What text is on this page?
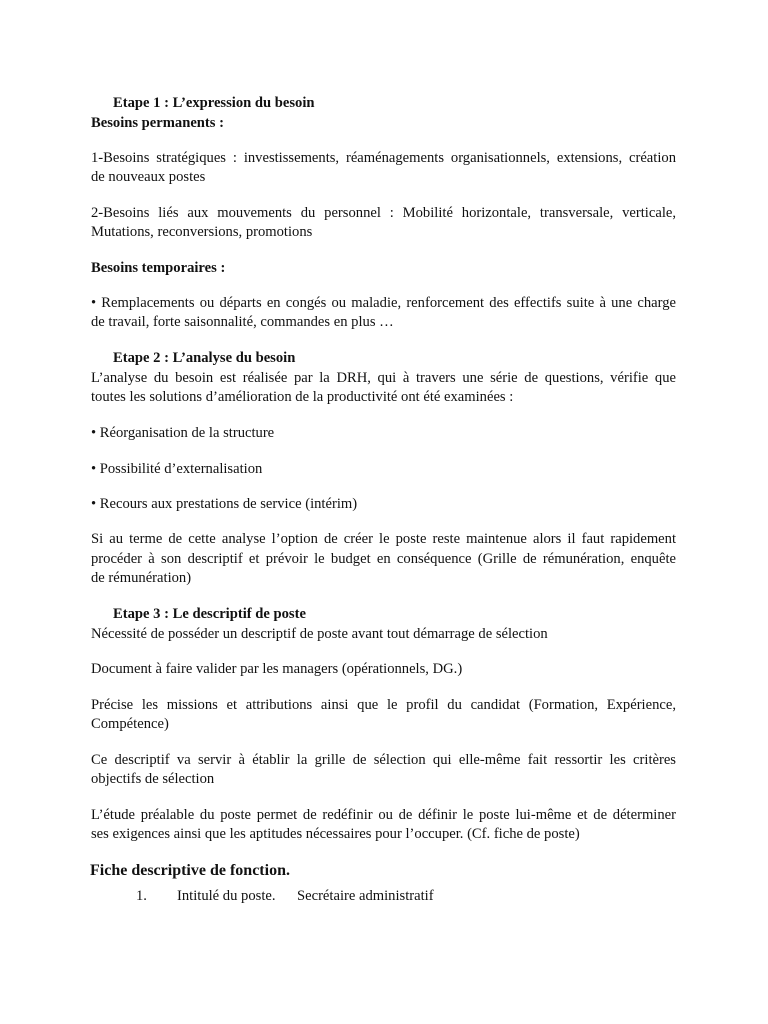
Etape 1 : L’expression du besoin
Besoins permanents :
1-Besoins stratégiques : investissements, réaménagements organisationnels, extensions, création
de nouveaux postes
2-Besoins liés aux mouvements du personnel : Mobilité horizontale, transversale, verticale,
Mutations, reconversions, promotions
Besoins temporaires :
• Remplacements ou départs en congés ou maladie, renforcement des effectifs suite à une charge
de travail, forte saisonnalité, commandes en plus …
Etape 2 : L’analyse du besoin
L’analyse du besoin est réalisée par la DRH, qui à travers une série de questions, vérifie que
toutes les solutions d’amélioration de la productivité ont été examinées :
• Réorganisation de la structure
• Possibilité d’externalisation
• Recours aux prestations de service (intérim)
Si au terme de cette analyse l’option de créer le poste reste maintenue alors il faut rapidement
procéder à son descriptif et prévoir le budget en conséquence (Grille de rémunération, enquête
de rémunération)
Etape 3 : Le descriptif de poste
Nécessité de posséder un descriptif de poste avant tout démarrage de sélection
Document à faire valider par les managers (opérationnels, DG.)
Précise les missions et attributions ainsi que le profil du candidat (Formation, Expérience,
Compétence)
Ce descriptif va servir à établir la grille de sélection qui elle-même fait ressortir les critères
objectifs de sélection
L’étude préalable du poste permet de redéfinir ou de définir le poste lui-même et de déterminer
ses exigences ainsi que les aptitudes nécessaires pour l’occuper. (Cf. fiche de poste)
Fiche descriptive de fonction.
1. Intitulé du poste. Secrétaire administratif
